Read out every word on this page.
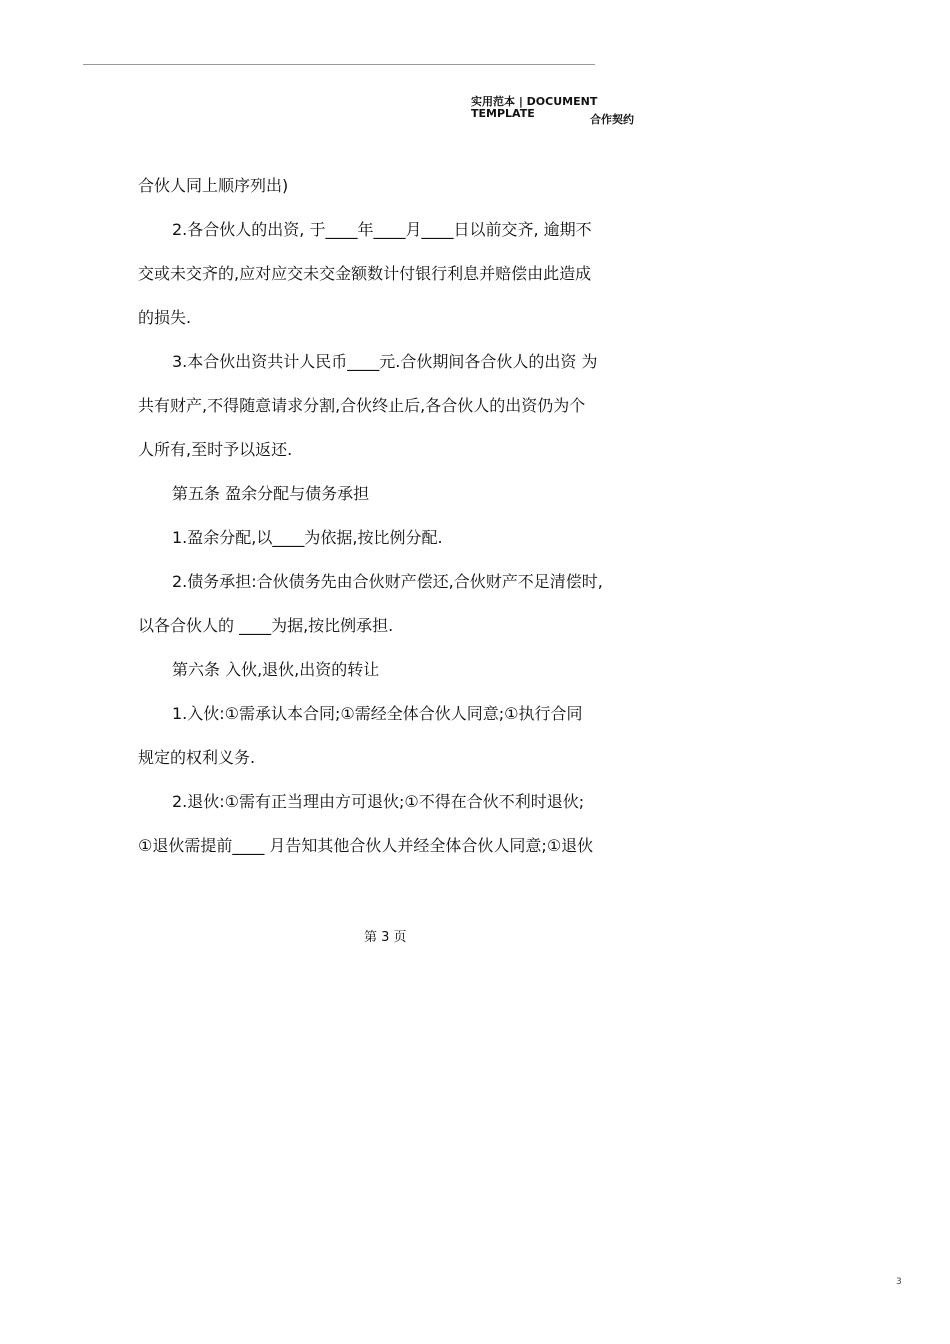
实用范本 | DOCUMENT

TEMPLATE	合作契约

合伙人同上顺序列出)

2.各合伙人的出资, 于____年____月____日以前交齐, 逾期不

交或未交齐的,应对应交未交金额数计付银行利息并赔偿由此造成

的损失.

3.本合伙出资共计人民币____元.合伙期间各合伙人的出资 为

共有财产,不得随意请求分割,合伙终止后,各合伙人的出资仍为个

人所有,至时予以返还.

第五条 盈余分配与债务承担

1.盈余分配,以____为依据,按比例分配.

2.债务承担:合伙债务先由合伙财产偿还,合伙财产不足清偿时,

以各合伙人的 ____为据,按比例承担.

第六条 入伙,退伙,出资的转让

1.入伙:①需承认本合同;①需经全体合伙人同意;①执行合同

规定的权利义务.

2.退伙:①需有正当理由方可退伙;①不得在合伙不利时退伙;

①退伙需提前____ 月告知其他合伙人并经全体合伙人同意;①退伙

第 3 页
3
